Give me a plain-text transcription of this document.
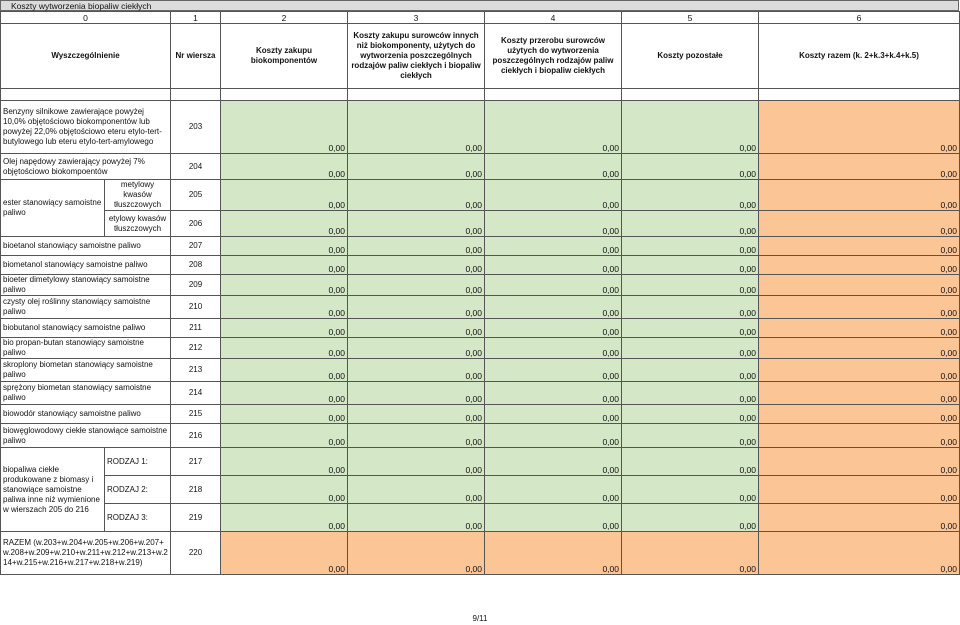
Koszty wytworzenia biopaliw ciekłych
0		1	2	3	4	5	6
Wyszczególnienie		Nr wiersza	Koszty zakupu biokomponentów	Koszty zakupu surowców innych niż biokomponenty, użytych do wytworzenia poszczególnych rodzajów paliw ciekłych i biopaliw ciekłych	Koszty przerobu surowców użytych do wytworzenia poszczególnych rodzajów paliw ciekłych i biopaliw ciekłych	Koszty pozostałe	Koszty razem (k. 2+k.3+k.4+k.5)

Benzyny silnikowe zawierające powyżej 10,0% objętościowo biokomponentów lub powyżej 22,0% objętościowo eteru etylo-tert-butylowego lub eteru etylo-tert-amylowego		203	0,00	0,00	0,00	0,00	0,00
Olej napędowy zawierający powyżej 7% objętościowo biokompoentów		204	0,00	0,00	0,00	0,00	0,00
ester stanowiący samoistne paliwo	metylowy kwasów tłuszczowych	205	0,00	0,00	0,00	0,00	0,00
	etylowy kwasów tłuszczowych	206	0,00	0,00	0,00	0,00	0,00
bioetanol stanowiący samoistne paliwo		207	0,00	0,00	0,00	0,00	0,00
biometanol stanowiący samoistne paliwo		208	0,00	0,00	0,00	0,00	0,00
bioeter dimetylowy stanowiący samoistne paliwo		209	0,00	0,00	0,00	0,00	0,00
czysty olej roślinny stanowiący samoistne paliwo		210	0,00	0,00	0,00	0,00	0,00
biobutanol stanowiący samoistne paliwo		211	0,00	0,00	0,00	0,00	0,00
bio propan-butan stanowiący samoistne paliwo		212	0,00	0,00	0,00	0,00	0,00
skroplony biometan stanowiący samoistne paliwo		213	0,00	0,00	0,00	0,00	0,00
sprężony biometan stanowiący samoistne paliwo		214	0,00	0,00	0,00	0,00	0,00
biowodór stanowiący samoistne paliwo		215	0,00	0,00	0,00	0,00	0,00
biowęglowodowy ciekłe stanowiące samoistne paliwo		216	0,00	0,00	0,00	0,00	0,00
biopaliwa ciekłe produkowane z biomasy i stanowiące samoistne paliwa inne niż wymienione w wierszach 205 do 216	RODZAJ 1:	217	0,00	0,00	0,00	0,00	0,00
	RODZAJ 2:	218	0,00	0,00	0,00	0,00	0,00
	RODZAJ 3:	219	0,00	0,00	0,00	0,00	0,00
RAZEM (w.203+w.204+w.205+w.206+w.207+w.208+w.209+w.210+w.211+w.212+w.213+w.214+w.215+w.216+w.217+w.218+w.219)		220	0,00	0,00	0,00	0,00	0,00
9/11
